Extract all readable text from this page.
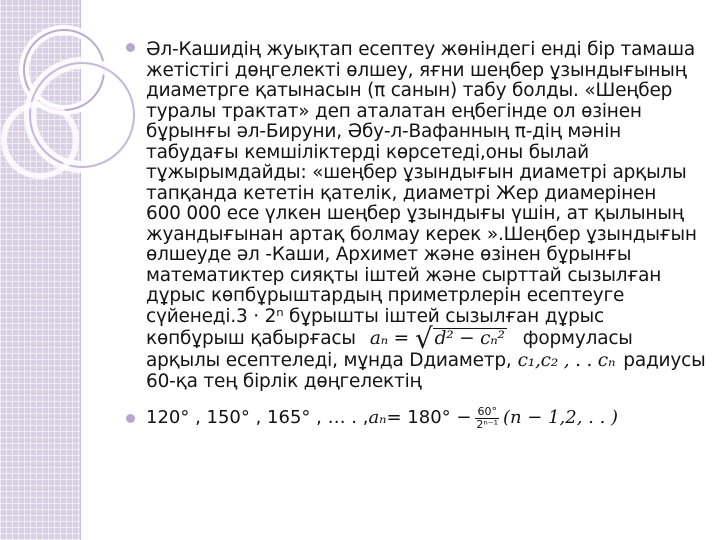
Әл-Кашидің жуықтап есептеу жөніндегі енді бір тамаша
жетістігі дөңгелекті өлшеу, яғни шеңбер ұзындығының
диаметрге қатынасын (π санын) табу болды. «Шеңбер
туралы трактат» деп аталатан еңбегінде ол өзінен
бұрынғы әл-Бируни, Әбу-л-Вафанның π-дің мәнін
табудағы кемшіліктерді көрсетеді,оны былай
тұжырымдайды: «шеңбер ұзындығын диаметрі арқылы
тапқанда кететін қателік, диаметрі Жер диамерінен
600 000 есе үлкен шеңбер ұзындығы үшін, ат қылының
жуандығынан артақ болмау керек ».Шеңбер ұзындығын
өлшеуде әл -Каши, Архимет және өзінен бұрынғы
математиктер сияқты іштей және сырттай сызылған
дұрыс көпбұрыштардың приметрлерін есептеуге
сүйенеді.3 · 2ⁿ бұрышты іштей сызылған дұрыс
көпбұрыш қабырғасы aₙ = √ d² − cₙ² формуласы
арқылы есептеледі, мұнда Dдиаметр, c₁,c₂ , . . cₙ радиусы
60-қа тең бірлік дөңгелектің
120° , 150° , 165° , … . , $a_n = 180^\circ - \frac{60^\circ}{\text{2ⁿ⁻¹}} (n - 1,2$, . . )
